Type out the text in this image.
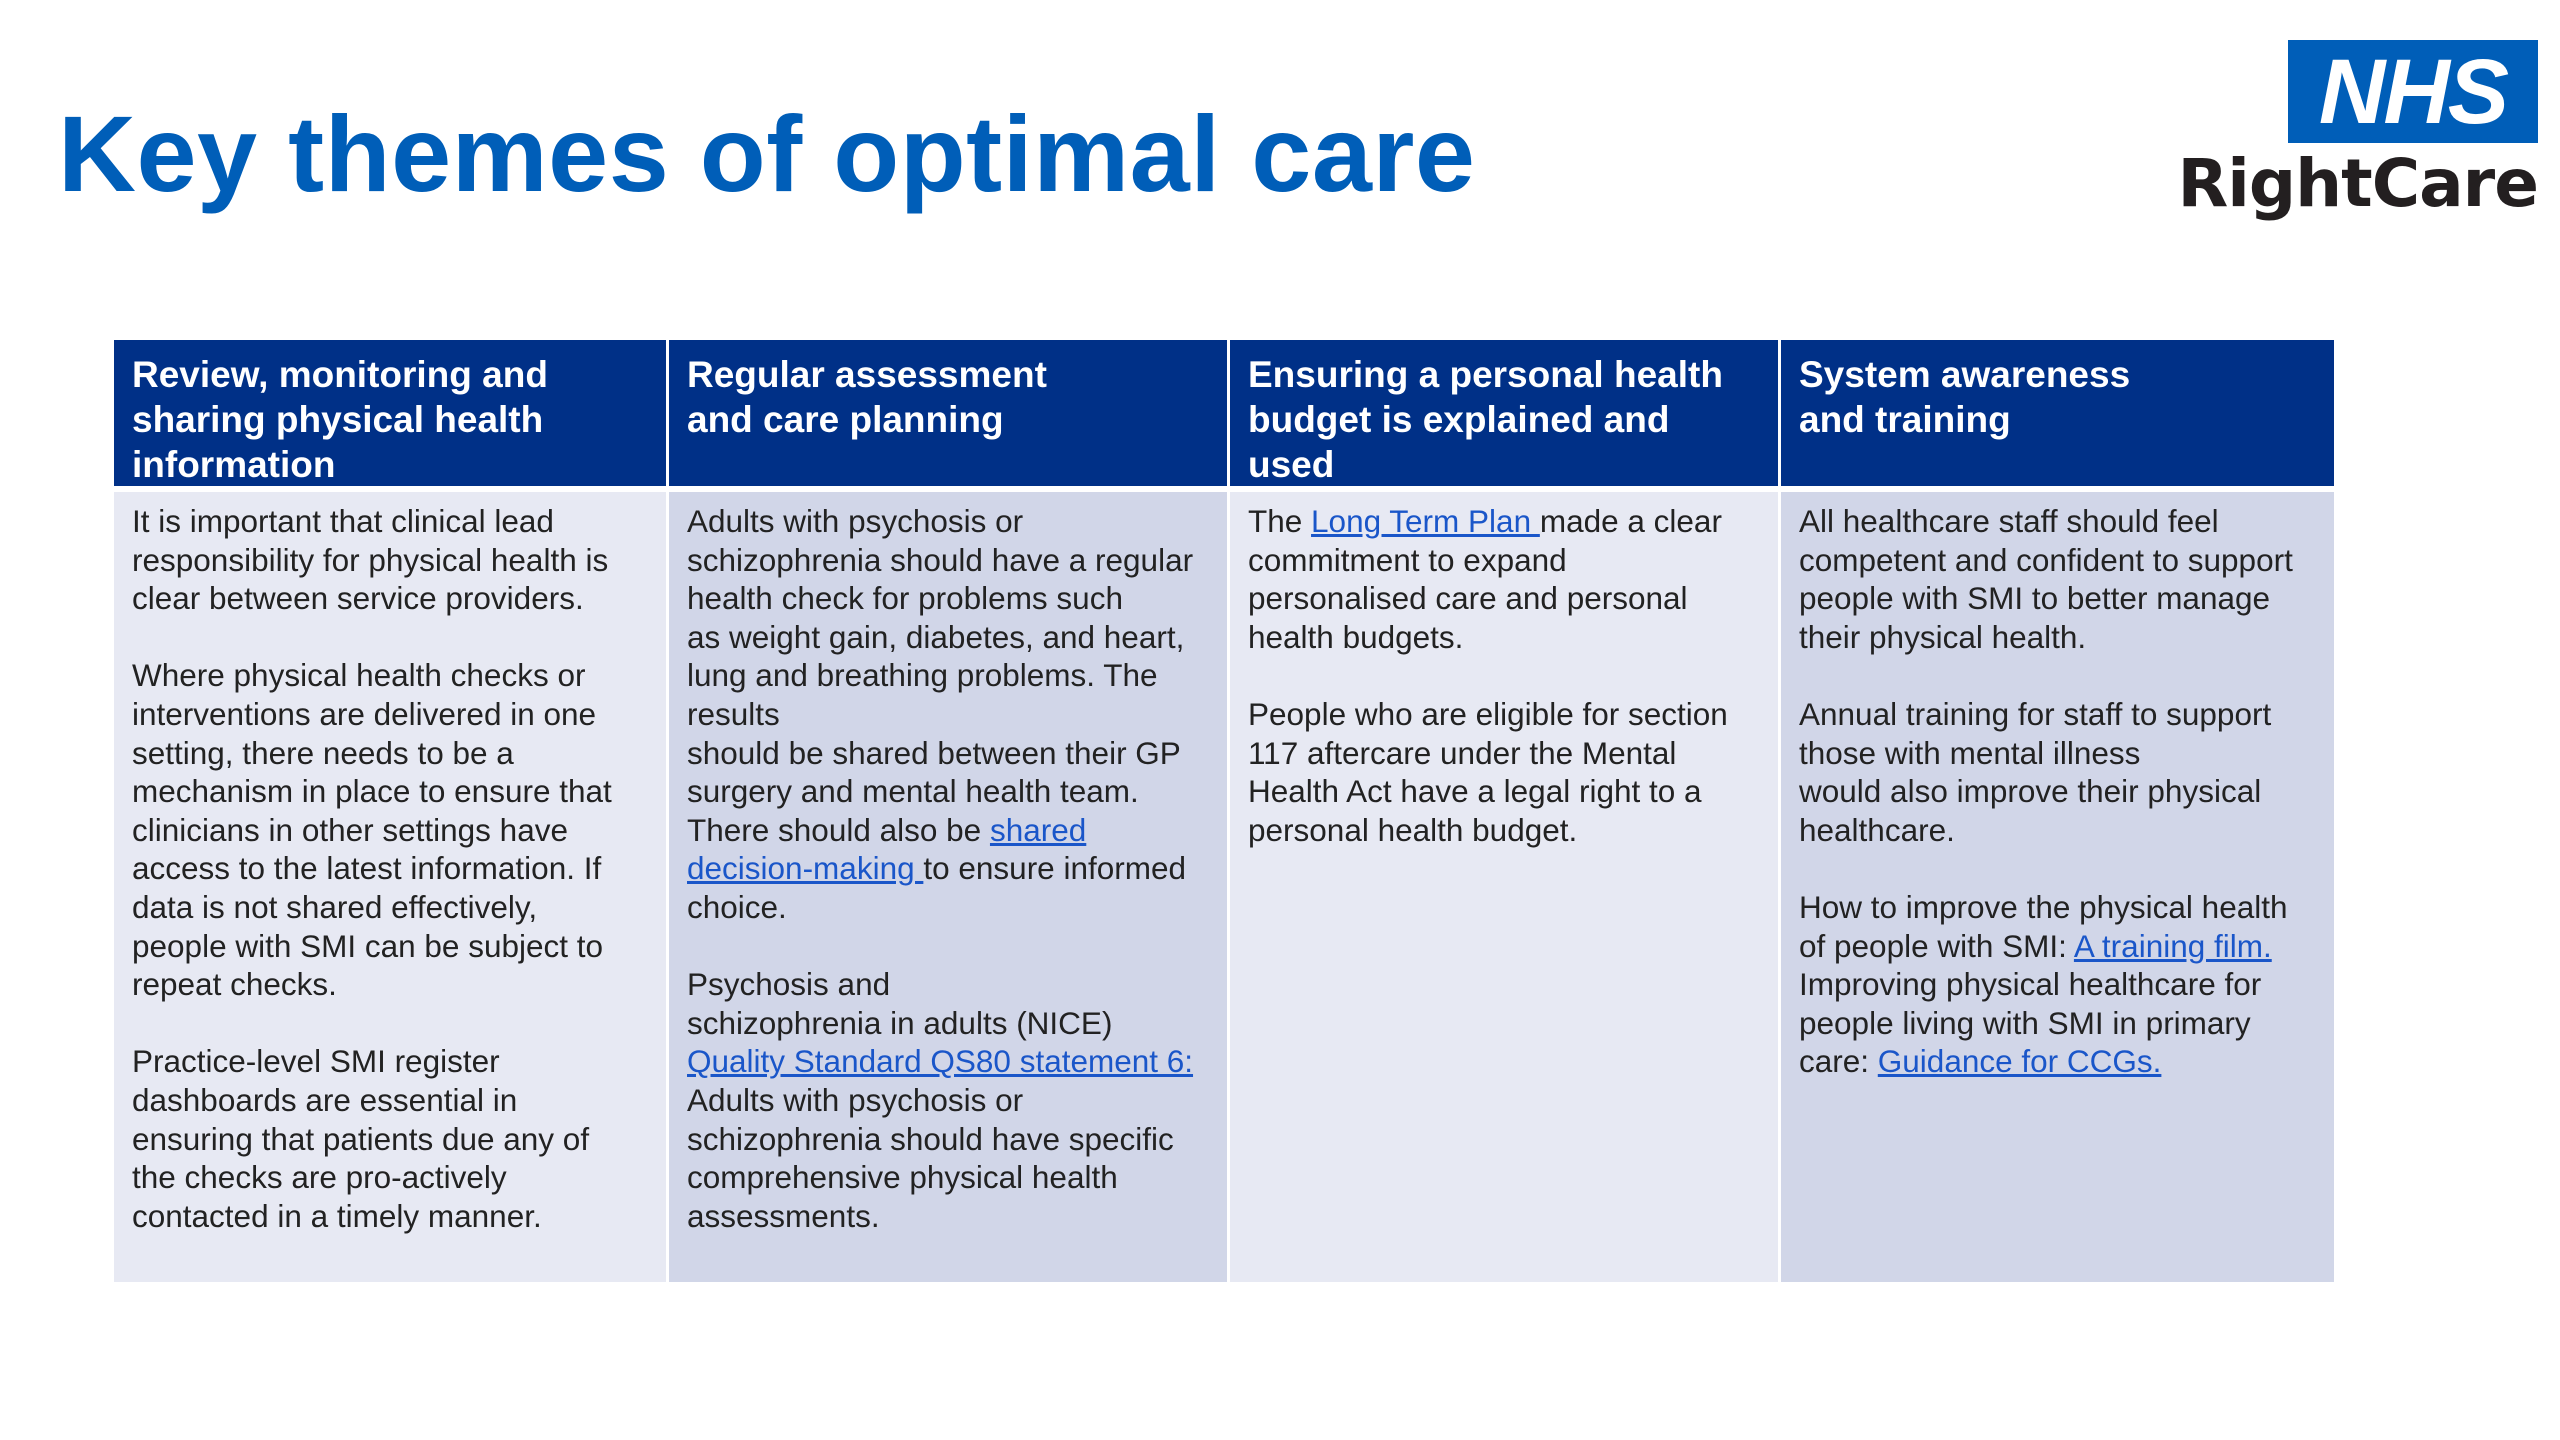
Key themes of optimal care
NHS
RightCare
Review, monitoring and
sharing physical health
information

It is important that clinical lead
responsibility for physical health is
clear between service providers.

Where physical health checks or
interventions are delivered in one
setting, there needs to be a
mechanism in place to ensure that
clinicians in other settings have
access to the latest information. If
data is not shared effectively,
people with SMI can be subject to
repeat checks.

Practice-level SMI register
dashboards are essential in
ensuring that patients due any of
the checks are pro-actively
contacted in a timely manner.

Regular assessment
and care planning

Adults with psychosis or
schizophrenia should have a regular
health check for problems such
as weight gain, diabetes, and heart,
lung and breathing problems. The
results
should be shared between their GP
surgery and mental health team.
There should also be shared
decision-making to ensure informed
choice.

Psychosis and
schizophrenia in adults (NICE)
Quality Standard QS80 statement 6:
Adults with psychosis or
schizophrenia should have specific
comprehensive physical health
assessments.

Ensuring a personal health
budget is explained and
used

The Long Term Plan made a clear
commitment to expand
personalised care and personal
health budgets.

People who are eligible for section
117 aftercare under the Mental
Health Act have a legal right to a
personal health budget.

System awareness
and training

All healthcare staff should feel
competent and confident to support
people with SMI to better manage
their physical health.

Annual training for staff to support
those with mental illness
would also improve their physical
healthcare.

How to improve the physical health
of people with SMI: A training film.
Improving physical healthcare for
people living with SMI in primary
care: Guidance for CCGs.
